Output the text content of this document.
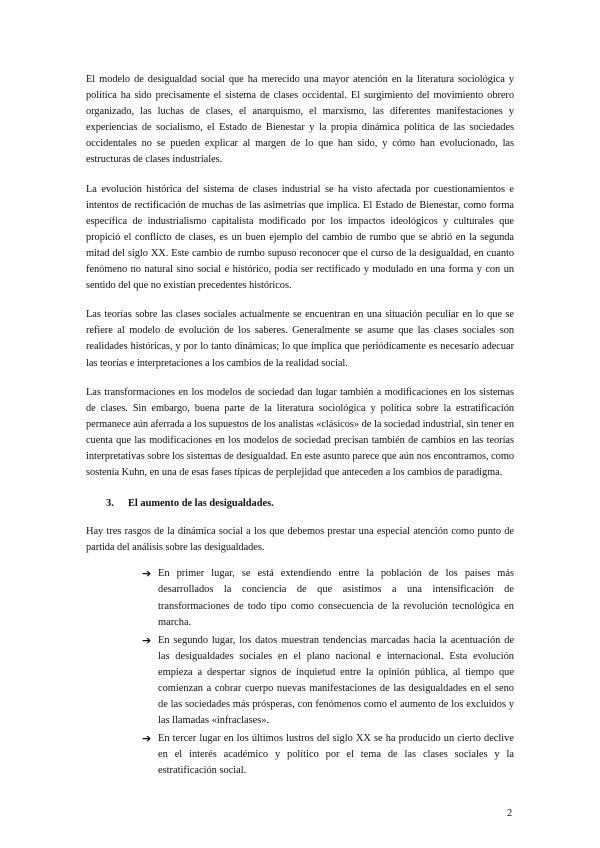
El modelo de desigualdad social que ha merecido una mayor atención en la literatura sociológica y política ha sido precisamente el sistema de clases occidental. El surgimiento del movimiento obrero organizado, las luchas de clases, el anarquismo, el marxismo, las diferentes manifestaciones y experiencias de socialismo, el Estado de Bienestar y la propia dinámica política de las sociedades occidentales no se pueden explicar al margen de lo que han sido, y cómo han evolucionado, las estructuras de clases industriales.

La evolución histórica del sistema de clases industrial se ha visto afectada por cuestionamientos e intentos de rectificación de muchas de las asimetrías que implica. El Estado de Bienestar, como forma específica de industrialismo capitalista modificado por los impactos ideológicos y culturales que propició el conflicto de clases, es un buen ejemplo del cambio de rumbo que se abrió en la segunda mitad del siglo XX. Este cambio de rumbo supuso reconocer que el curso de la desigualdad, en cuanto fenómeno no natural sino social e histórico, podía ser rectificado y modulado en una forma y con un sentido del que no existían precedentes históricos.

Las teorías sobre las clases sociales actualmente se encuentran en una situación peculiar en lo que se refiere al modelo de evolución de los saberes. Generalmente se asume que las clases sociales son realidades históricas, y por lo tanto dinámicas; lo que implica que periódicamente es necesario adecuar las teorías e interpretaciones a los cambios de la realidad social.

Las transformaciones en los modelos de sociedad dan lugar también a modificaciones en los sistemas de clases. Sin embargo, buena parte de la literatura sociológica y política sobre la estratificación permanece aún aferrada a los supuestos de los analistas «clásicos» de la sociedad industrial, sin tener en cuenta que las modificaciones en los modelos de sociedad precisan también de cambios en las teorías interpretativas sobre los sistemas de desigualdad. En este asunto parece que aún nos encontramos, como sostenía Kuhn, en una de esas fases típicas de perplejidad que anteceden a los cambios de paradigma.

3. El aumento de las desigualdades.

Hay tres rasgos de la dinámica social a los que debemos prestar una especial atención como punto de partida del análisis sobre las desigualdades.

➔ En primer lugar, se está extendiendo entre la población de los países más desarrollados la conciencia de que asistimos a una intensificación de transformaciones de todo tipo como consecuencia de la revolución tecnológica en marcha.
➔ En segundo lugar, los datos muestran tendencias marcadas hacia la acentuación de las desigualdades sociales en el plano nacional e internacional. Esta evolución empieza a despertar signos de inquietud entre la opinión pública, al tiempo que comienzan a cobrar cuerpo nuevas manifestaciones de las desigualdades en el seno de las sociedades más prósperas, con fenómenos como el aumento de los excluidos y las llamadas «infraclases».
➔ En tercer lugar en los últimos lustros del siglo XX se ha producido un cierto declive en el interés académico y político por el tema de las clases sociales y la estratificación social.
2
